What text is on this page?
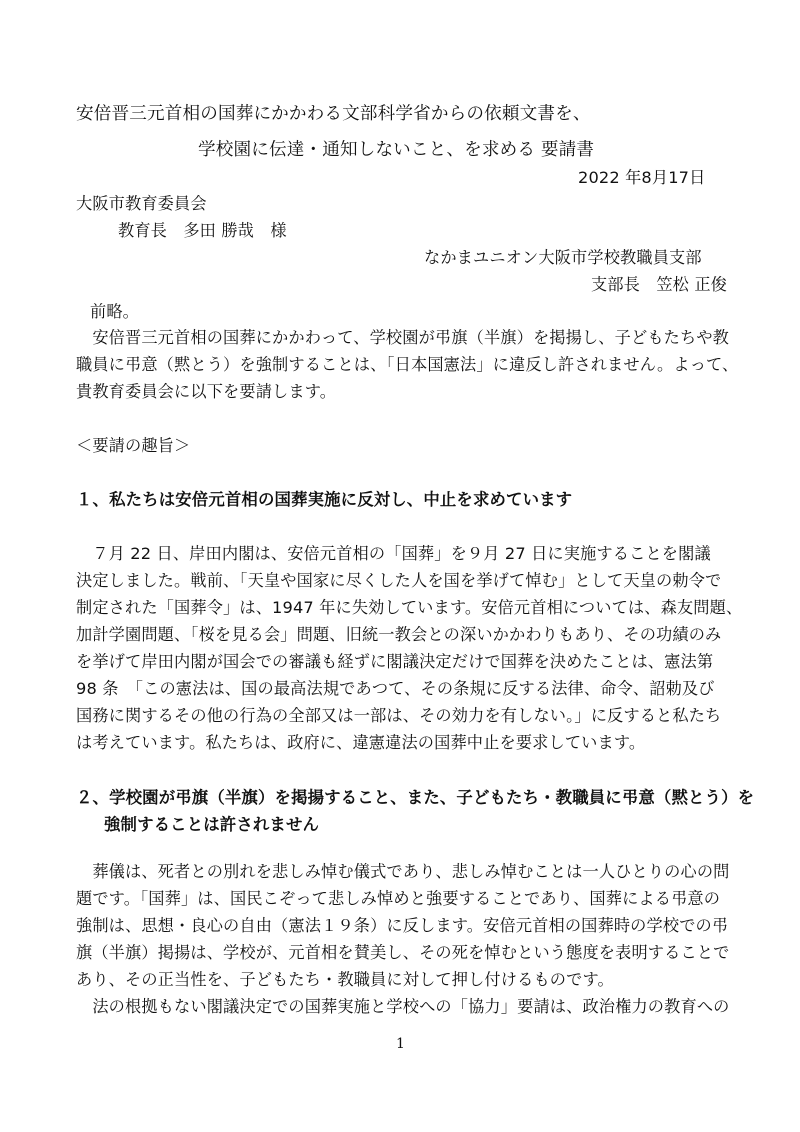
安倍晋三元首相の国葬にかかわる文部科学省からの依頼文書を、
学校園に伝達・通知しないこと、を求める 要請書
2022 年8月17日
大阪市教育委員会
教育長　多田 勝哉　様
なかまユニオン大阪市学校教職員支部
支部長　笠松 正俊
前略。
　安倍晋三元首相の国葬にかかわって、学校園が弔旗（半旗）を掲揚し、子どもたちや教
職員に弔意（黙とう）を強制することは、「日本国憲法」に違反し許されません。よって、
貴教育委員会に以下を要請します。
＜要請の趣旨＞
１、私たちは安倍元首相の国葬実施に反対し、中止を求めています
　７月 22 日、岸田内閣は、安倍元首相の「国葬」を９月 27 日に実施することを閣議
決定しました。戦前、「天皇や国家に尽くした人を国を挙げて悼む」として天皇の勅令で
制定された「国葬令」は、1947 年に失効しています。安倍元首相については、森友問題、
加計学園問題、「桜を見る会」問題、旧統一教会との深いかかわりもあり、その功績のみ
を挙げて岸田内閣が国会での審議も経ずに閣議決定だけで国葬を決めたことは、憲法第
98 条　「この憲法は、国の最高法規であつて、その条規に反する法律、命令、詔勅及び
国務に関するその他の行為の全部又は一部は、その効力を有しない。」に反すると私たち
は考えています。私たちは、政府に、違憲違法の国葬中止を要求しています。
２、学校園が弔旗（半旗）を掲揚すること、また、子どもたち・教職員に弔意（黙とう）を
強制することは許されません
　葬儀は、死者との別れを悲しみ悼む儀式であり、悲しみ悼むことは一人ひとりの心の問
題です。「国葬」は、国民こぞって悲しみ悼めと強要することであり、国葬による弔意の
強制は、思想・良心の自由（憲法１９条）に反します。安倍元首相の国葬時の学校での弔
旗（半旗）掲揚は、学校が、元首相を賛美し、その死を悼むという態度を表明することで
あり、その正当性を、子どもたち・教職員に対して押し付けるものです。
　法の根拠もない閣議決定での国葬実施と学校への「協力」要請は、政治権力の教育への
1
